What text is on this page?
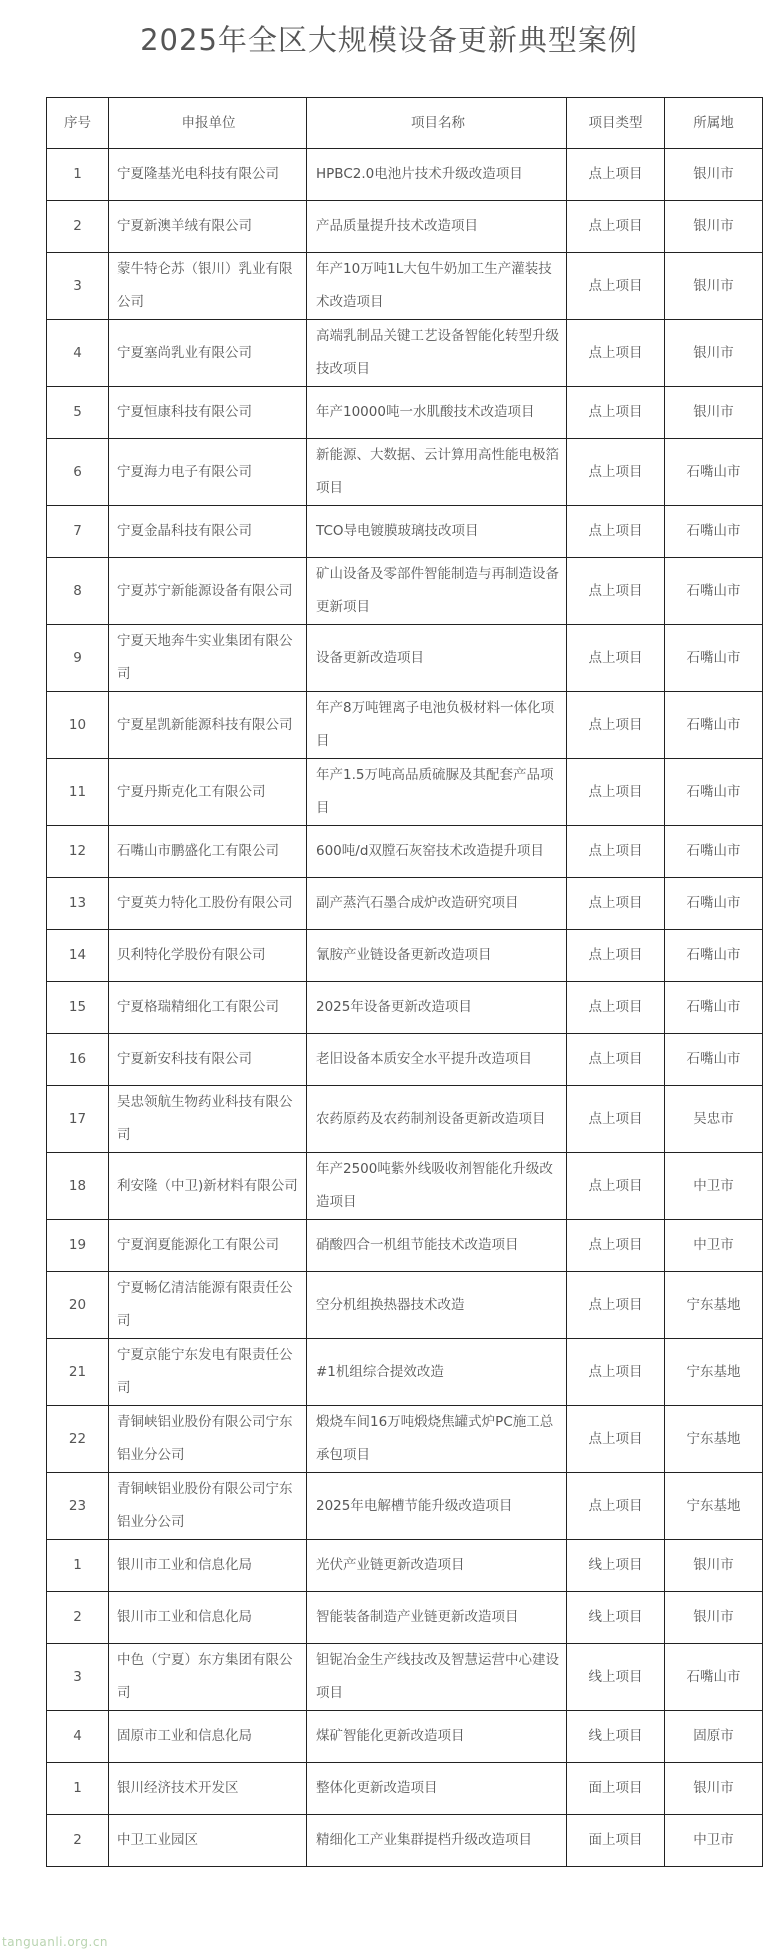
2025年全区大规模设备更新典型案例
序号	申报单位	项目名称	项目类型	所属地
1	宁夏隆基光电科技有限公司	HPBC2.0电池片技术升级改造项目	点上项目	银川市
2	宁夏新澳羊绒有限公司	产品质量提升技术改造项目	点上项目	银川市
3	蒙牛特仑苏（银川）乳业有限公司	年产10万吨1L大包牛奶加工生产灌装技术改造项目	点上项目	银川市
4	宁夏塞尚乳业有限公司	高端乳制品关键工艺设备智能化转型升级技改项目	点上项目	银川市
5	宁夏恒康科技有限公司	年产10000吨一水肌酸技术改造项目	点上项目	银川市
6	宁夏海力电子有限公司	新能源、大数据、云计算用高性能电极箔项目	点上项目	石嘴山市
7	宁夏金晶科技有限公司	TCO导电镀膜玻璃技改项目	点上项目	石嘴山市
8	宁夏苏宁新能源设备有限公司	矿山设备及零部件智能制造与再制造设备更新项目	点上项目	石嘴山市
9	宁夏天地奔牛实业集团有限公司	设备更新改造项目	点上项目	石嘴山市
10	宁夏星凯新能源科技有限公司	年产8万吨锂离子电池负极材料一体化项目	点上项目	石嘴山市
11	宁夏丹斯克化工有限公司	年产1.5万吨高品质硫脲及其配套产品项目	点上项目	石嘴山市
12	石嘴山市鹏盛化工有限公司	600吨/d双膛石灰窑技术改造提升项目	点上项目	石嘴山市
13	宁夏英力特化工股份有限公司	副产蒸汽石墨合成炉改造研究项目	点上项目	石嘴山市
14	贝利特化学股份有限公司	氰胺产业链设备更新改造项目	点上项目	石嘴山市
15	宁夏格瑞精细化工有限公司	2025年设备更新改造项目	点上项目	石嘴山市
16	宁夏新安科技有限公司	老旧设备本质安全水平提升改造项目	点上项目	石嘴山市
17	吴忠领航生物药业科技有限公司	农药原药及农药制剂设备更新改造项目	点上项目	吴忠市
18	利安隆（中卫)新材料有限公司	年产2500吨紫外线吸收剂智能化升级改造项目	点上项目	中卫市
19	宁夏润夏能源化工有限公司	硝酸四合一机组节能技术改造项目	点上项目	中卫市
20	宁夏畅亿清洁能源有限责任公司	空分机组换热器技术改造	点上项目	宁东基地
21	宁夏京能宁东发电有限责任公司	#1机组综合提效改造	点上项目	宁东基地
22	青铜峡铝业股份有限公司宁东铝业分公司	煅烧车间16万吨煅烧焦罐式炉PC施工总承包项目	点上项目	宁东基地
23	青铜峡铝业股份有限公司宁东铝业分公司	2025年电解槽节能升级改造项目	点上项目	宁东基地
1	银川市工业和信息化局	光伏产业链更新改造项目	线上项目	银川市
2	银川市工业和信息化局	智能装备制造产业链更新改造项目	线上项目	银川市
3	中色（宁夏）东方集团有限公司	钽铌冶金生产线技改及智慧运营中心建设项目	线上项目	石嘴山市
4	固原市工业和信息化局	煤矿智能化更新改造项目	线上项目	固原市
1	银川经济技术开发区	整体化更新改造项目	面上项目	银川市
2	中卫工业园区	精细化工产业集群提档升级改造项目	面上项目	中卫市
tanguanli.org.cn
